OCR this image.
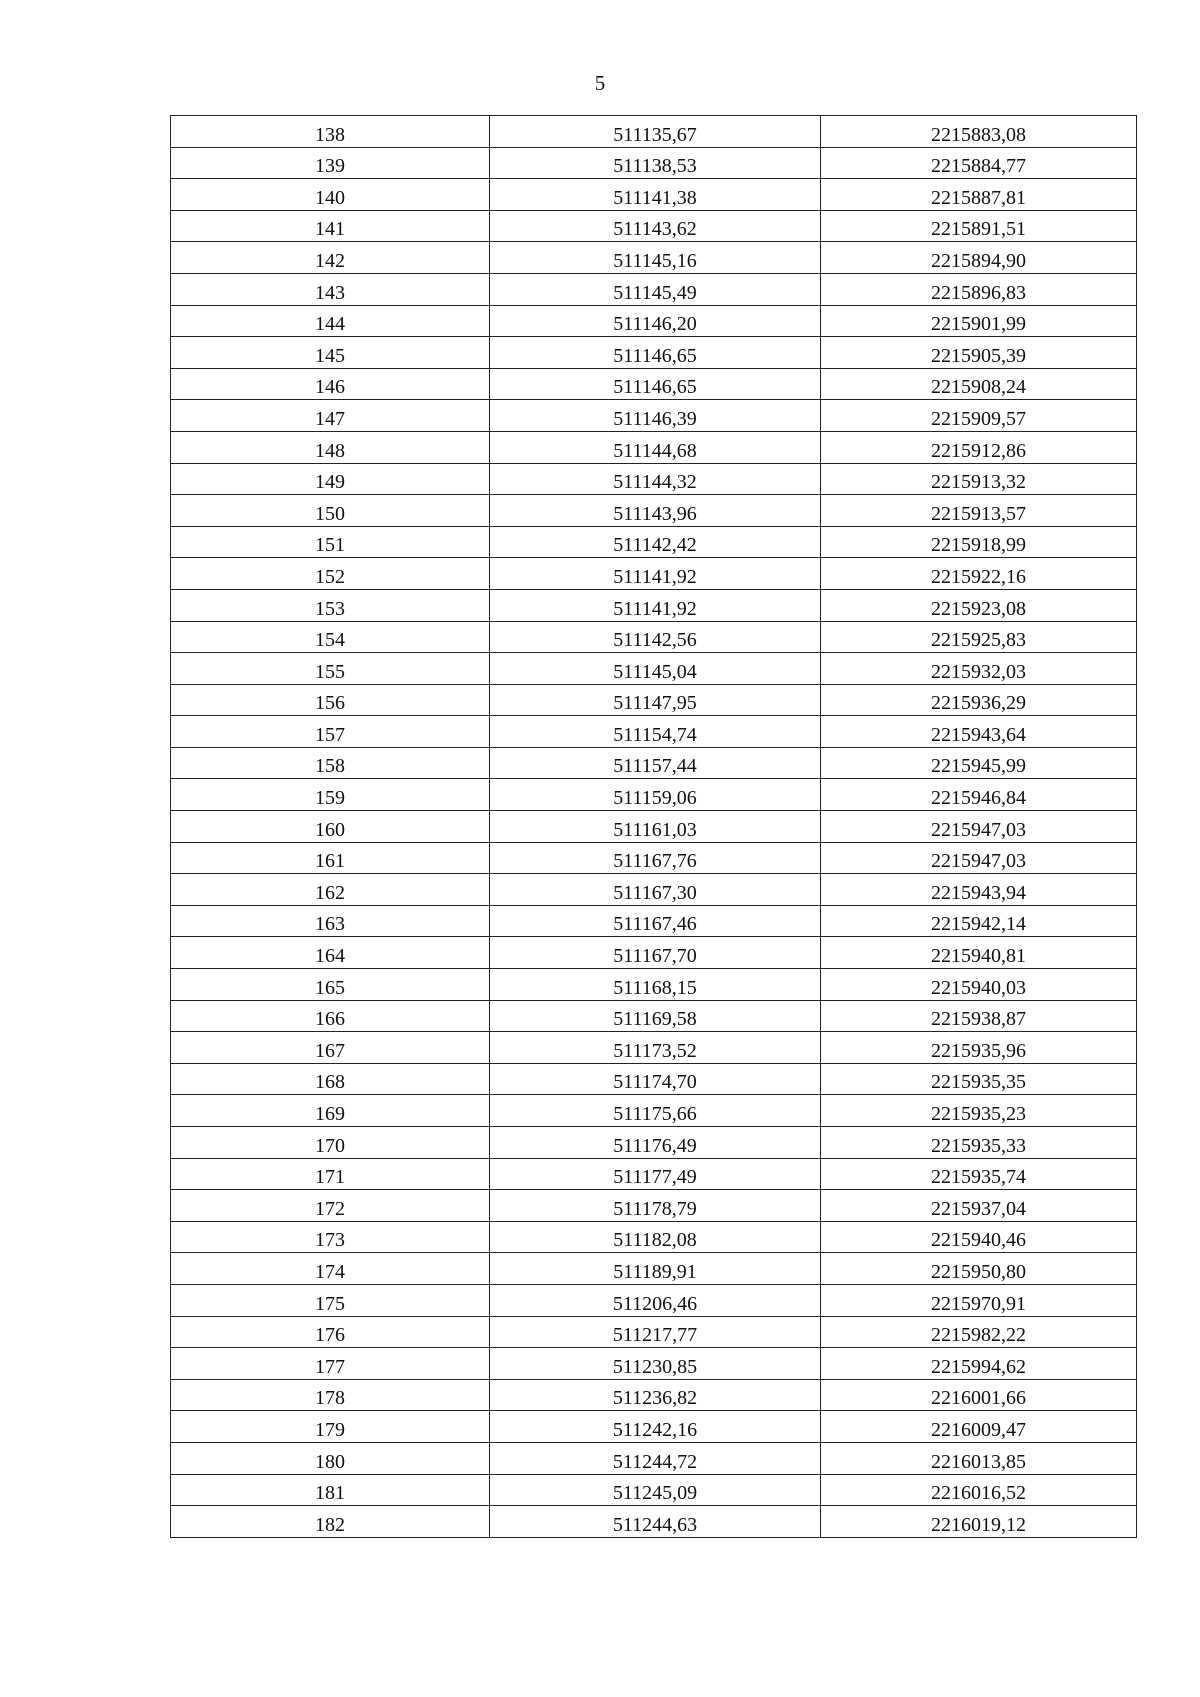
5
138	511135,67	2215883,08
139	511138,53	2215884,77
140	511141,38	2215887,81
141	511143,62	2215891,51
142	511145,16	2215894,90
143	511145,49	2215896,83
144	511146,20	2215901,99
145	511146,65	2215905,39
146	511146,65	2215908,24
147	511146,39	2215909,57
148	511144,68	2215912,86
149	511144,32	2215913,32
150	511143,96	2215913,57
151	511142,42	2215918,99
152	511141,92	2215922,16
153	511141,92	2215923,08
154	511142,56	2215925,83
155	511145,04	2215932,03
156	511147,95	2215936,29
157	511154,74	2215943,64
158	511157,44	2215945,99
159	511159,06	2215946,84
160	511161,03	2215947,03
161	511167,76	2215947,03
162	511167,30	2215943,94
163	511167,46	2215942,14
164	511167,70	2215940,81
165	511168,15	2215940,03
166	511169,58	2215938,87
167	511173,52	2215935,96
168	511174,70	2215935,35
169	511175,66	2215935,23
170	511176,49	2215935,33
171	511177,49	2215935,74
172	511178,79	2215937,04
173	511182,08	2215940,46
174	511189,91	2215950,80
175	511206,46	2215970,91
176	511217,77	2215982,22
177	511230,85	2215994,62
178	511236,82	2216001,66
179	511242,16	2216009,47
180	511244,72	2216013,85
181	511245,09	2216016,52
182	511244,63	2216019,12
